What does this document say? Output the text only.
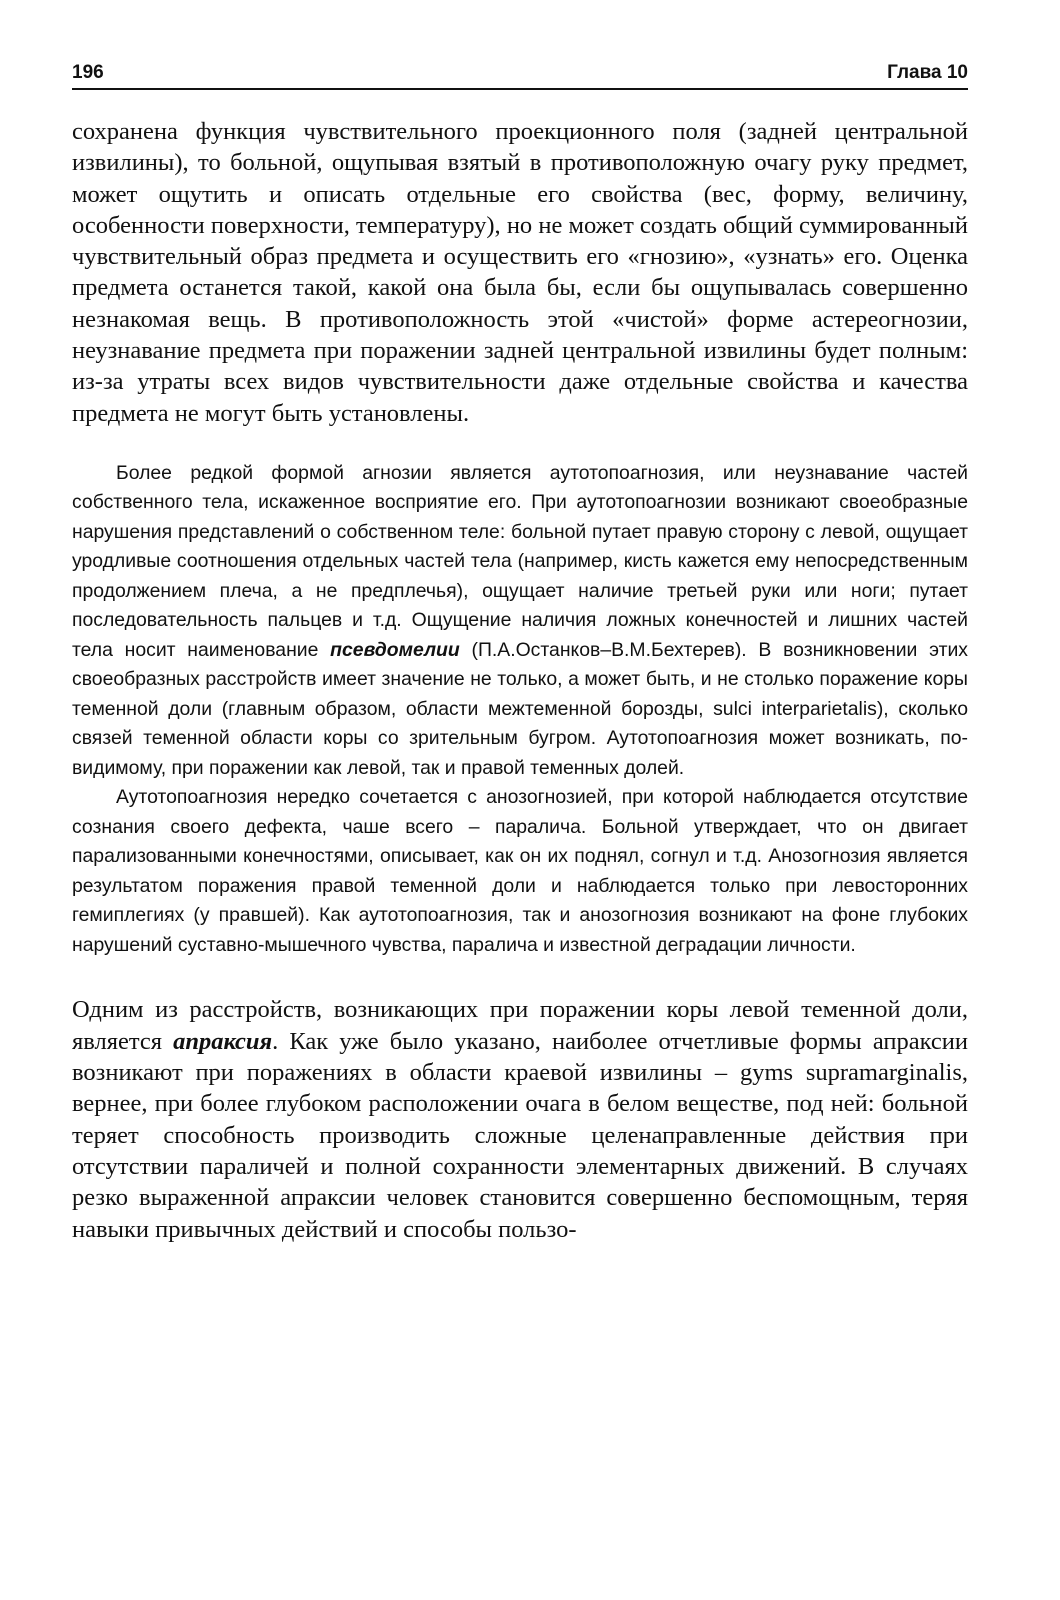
196	Глава 10

сохранена функция чувствительного проекционного поля (задней центральной извилины), то больной, ощупывая взятый в противоположную очагу руку предмет, может ощутить и описать отдельные его свойства (вес, форму, величину, особенности поверхности, температуру), но не может создать общий суммированный чувствительный образ предмета и осуществить его «гнозию», «узнать» его. Оценка предмета останется такой, какой она была бы, если бы ощупывалась совершенно незнакомая вещь. В противоположность этой «чистой» форме астереогнозии, неузнавание предмета при поражении задней центральной извилины будет полным: из-за утраты всех видов чувствительности даже отдельные свойства и качества предмета не могут быть установлены.

Более редкой формой агнозии является аутотопоагнозия, или неузнавание частей собственного тела, искаженное восприятие его. При аутотопоагнозии возникают своеобразные нарушения представлений о собственном теле: больной путает правую сторону с левой, ощущает уродливые соотношения отдельных частей тела (например, кисть кажется ему непосредственным продолжением плеча, а не предплечья), ощущает наличие третьей руки или ноги; путает последовательность пальцев и т.д. Ощущение наличия ложных конечностей и лишних частей тела носит наименование псевдомелии (П.А.Останков–В.М.Бехтерев). В возникновении этих своеобразных расстройств имеет значение не только, а может быть, и не столько поражение коры теменной доли (главным образом, области межтеменной борозды, sulci interparietalis), сколько связей теменной области коры со зрительным бугром. Аутотопоагнозия может возникать, по-видимому, при поражении как левой, так и правой теменных долей.

Аутотопоагнозия нередко сочетается с анозогнозией, при которой наблюдается отсутствие сознания своего дефекта, чаше всего – паралича. Больной утверждает, что он двигает парализованными конечностями, описывает, как он их поднял, согнул и т.д. Анозогнозия является результатом поражения правой теменной доли и наблюдается только при левосторонних гемиплегиях (у правшей). Как аутотопоагнозия, так и анозогнозия возникают на фоне глубоких нарушений суставно-мышечного чувства, паралича и известной деградации личности.

Одним из расстройств, возникающих при поражении коры левой теменной доли, является апраксия. Как уже было указано, наиболее отчетливые формы апраксии возникают при поражениях в области краевой извилины – gyms supramarginalis, вернее, при более глубоком расположении очага в белом веществе, под ней: больной теряет способность производить сложные целенаправленные действия при отсутствии параличей и полной сохранности элементарных движений. В случаях резко выраженной апраксии человек становится совершенно беспомощным, теряя навыки привычных действий и способы пользо-
